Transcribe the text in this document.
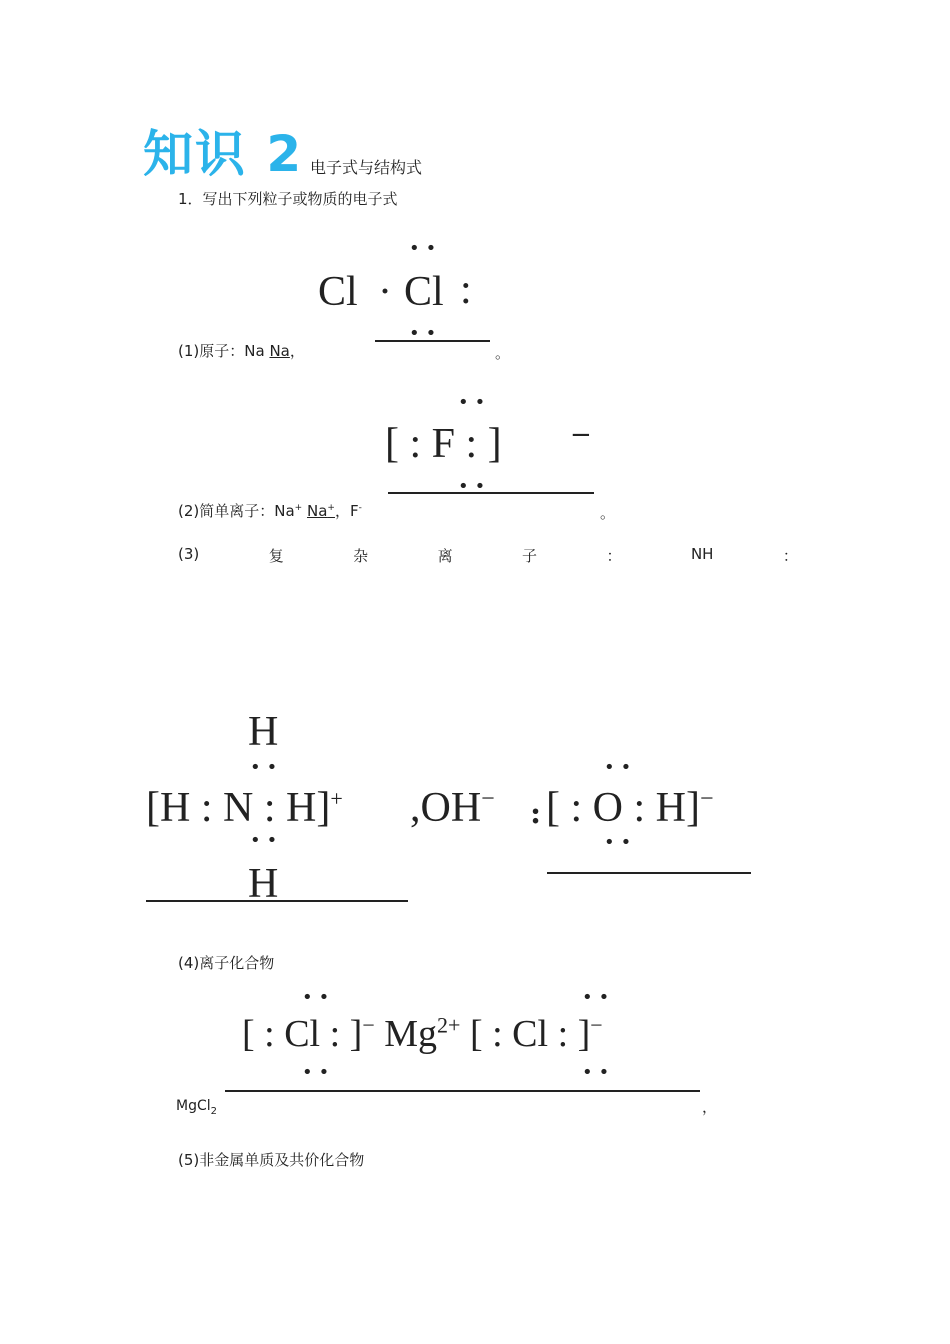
知识 2 电子式与结构式
1．写出下列粒子或物质的电子式
••
Cl · Cl :
••
(1)原子：Na Na，	。
••
[ : F : ]	−
••
(2)简单离子：Na+ Na+，F-	。
(3)	复	杂	离	子	：	NH	：
H
••
[H : N : H]+
••
H
,OH− :
••
[ : O : H]−
••
(4)离子化合物
••	••
[ : Cl : ]− $Mg^{2+}$ [ : Cl : ]−
••	••
MgCl$_2$	，
(5)非金属单质及共价化合物
